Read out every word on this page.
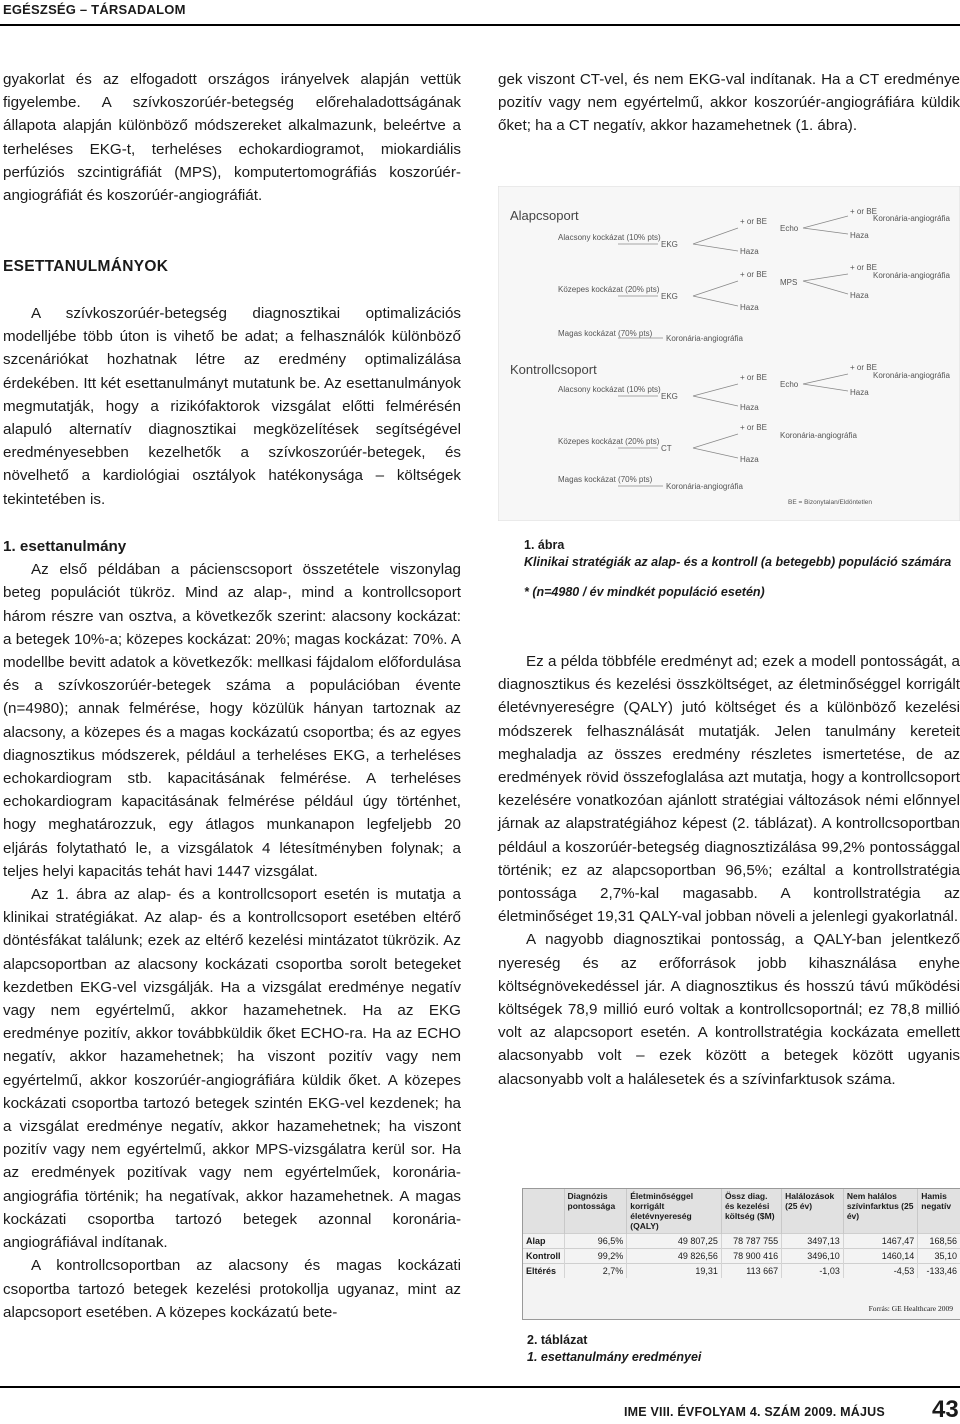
EGÉSZSÉG – TÁRSADALOM

gyakorlat és az elfogadott országos irányelvek alapján vettük figyelembe. A szívkoszorúér-betegség előrehaladottságának állapota alapján különböző módszereket alkalmazunk, beleértve a terheléses EKG-t, terheléses echokardiogramot, miokardiális perfúziós szcintigráfiát (MPS), komputertomográfiás koszorúér-angiográfiát és koszorúér-angiográfiát.

ESETTANULMÁNYOK

A szívkoszorúér-betegség diagnosztikai optimalizációs modelljébe több úton is vihető be adat; a felhasználók különböző szcenáriókat hozhatnak létre az eredmény optimalizálása érdekében. Itt két esettanulmányt mutatunk be. Az esettanulmányok megmutatják, hogy a rizikófaktorok vizsgálat előtti felmérésén alapuló alternatív diagnosztikai megközelítések segítségével eredményesebben kezelhetők a szívkoszorúér-betegek, és növelhető a kardiológiai osztályok hatékonysága – költségek tekintetében is.

gek viszont CT-vel, és nem EKG-val indítanak. Ha a CT eredménye pozitív vagy nem egyértelmű, akkor koszorúér-angiográfiára küldik őket; ha a CT negatív, akkor hazamehetnek (1. ábra).

Alapcsoport
Kontrollcsoport
Alacsony kockázat (10% pts)
Közepes kockázat (20% pts)
Magas kockázat (70% pts)
Alacsony kockázat (10% pts)
Közepes kockázat (20% pts)
Magas kockázat (70% pts)
EKG
EKG
EKG
CT
+ or BE
Echo
Haza
+ or BE
Koronária-angiográfia
Haza
+ or BE
MPS
Haza
+ or BE
Koronária-angiográfia
Haza
Koronária-angiográfia
+ or BE
Echo
Haza
+ or BE
Koronária-angiográfia
Haza
+ or BE
Koronária-angiográfia
Haza
Koronária-angiográfia
BE = Bizonytalan/Eldöntetlen
1. ábra
Klinikai stratégiák az alap- és a kontroll (a betegebb) populáció számára
* (n=4980 / év mindkét populáció esetén)

1. esettanulmány

Az első példában a pácienscsoport összetétele viszonylag beteg populációt tükröz. Mind az alap-, mind a kontrollcsoport három részre van osztva, a következők szerint: alacsony kockázat: a betegek 10%-a; közepes kockázat: 20%; magas kockázat: 70%. A modellbe bevitt adatok a következők: mellkasi fájdalom előfordulása és a szívkoszorúér-betegek száma a populációban évente (n=4980); annak felmérése, hogy közülük hányan tartoznak az alacsony, a közepes és a magas kockázatú csoportba; és az egyes diagnosztikus módszerek, például a terheléses EKG, a terheléses echokardiogram stb. kapacitásának felmérése. A terheléses echokardiogram kapacitásának felmérése például úgy történhet, hogy meghatározzuk, egy átlagos munkanapon legfeljebb 20 eljárás folytatható le, a vizsgálatok 4 létesítményben folynak; a teljes helyi kapacitás tehát havi 1447 vizsgálat.

Az 1. ábra az alap- és a kontrollcsoport esetén is mutatja a klinikai stratégiákat. Az alap- és a kontrollcsoport esetében eltérő döntésfákat találunk; ezek az eltérő kezelési mintázatot tükrözik. Az alapcsoportban az alacsony kockázati csoportba sorolt betegeket kezdetben EKG-vel vizsgálják. Ha a vizsgálat eredménye negatív vagy nem egyértelmű, akkor hazamehetnek. Ha az EKG eredménye pozitív, akkor továbbküldik őket ECHO-ra. Ha az ECHO negatív, akkor hazamehetnek; ha viszont pozitív vagy nem egyértelmű, akkor koszorúér-angiográfiára küldik őket. A közepes kockázati csoportba tartozó betegek szintén EKG-vel kezdenek; ha a vizsgálat eredménye negatív, akkor hazamehetnek; ha viszont pozitív vagy nem egyértelmű, akkor MPS-vizsgálatra kerül sor. Ha az eredmények pozitívak vagy nem egyértelműek, koronária-angiográfia történik; ha negatívak, akkor hazamehetnek. A magas kockázati csoportba tartozó betegek azonnal koronária-angiográfiával indítanak.

A kontrollcsoportban az alacsony és magas kockázati csoportba tartozó betegek kezelési protokollja ugyanaz, mint az alapcsoport esetében. A közepes kockázatú bete-

Ez a példa többféle eredményt ad; ezek a modell pontosságát, a diagnosztikus és kezelési összköltséget, az életminőséggel korrigált életévnyereségre (QALY) jutó költséget és a különböző kezelési módszerek felhasználását mutatják. Jelen tanulmány kereteit meghaladja az összes eredmény részletes ismertetése, de az eredmények rövid összefoglalása azt mutatja, hogy a kontrollcsoport kezelésére vonatkozóan ajánlott stratégiai változások némi előnnyel járnak az alapstratégiához képest (2. táblázat). A kontrollcsoportban például a koszorúér-betegség diagnosztizálása 99,2% pontossággal történik; ez az alapcsoportban 96,5%; ezáltal a kontrollstratégia pontossága 2,7%-kal magasabb. A kontrollstratégia az életminőséget 19,31 QALY-val jobban növeli a jelenlegi gyakorlatnál.

A nagyobb diagnosztikai pontosság, a QALY-ban jelentkező nyereség és az erőforrások jobb kihasználása enyhe költségnövekedéssel jár. A diagnosztikus és hosszú távú működési költségek 78,9 millió euró voltak a kontrollcsoportnál; ez 78,8 millió volt az alapcsoport esetén. A kontrollstratégia kockázata emellett alacsonyabb volt – ezek között a betegek között ugyanis alacsonyabb volt a halálesetek és a szívinfarktusok száma.

	Diagnózis pontossága	Életminőséggel korrigált életévnyereség (QALY)	Össz diag. és kezelési költség ($M)	Halálozások (25 év)	Nem halálos szívinfarktus (25 év)	Hamis negatív
Alap	96,5%	49 807,25	78 787 755	3497,13	1467,47	168,56
Kontroll	99,2%	49 826,56	78 900 416	3496,10	1460,14	35,10
Eltérés	2,7%	19,31	113 667	-1,03	-4,53	-133,46
Forrás: GE Healthcare 2009
2. táblázat
1. esettanulmány eredményei
IME VIII. ÉVFOLYAM 4. SZÁM 2009. MÁJUS 43
